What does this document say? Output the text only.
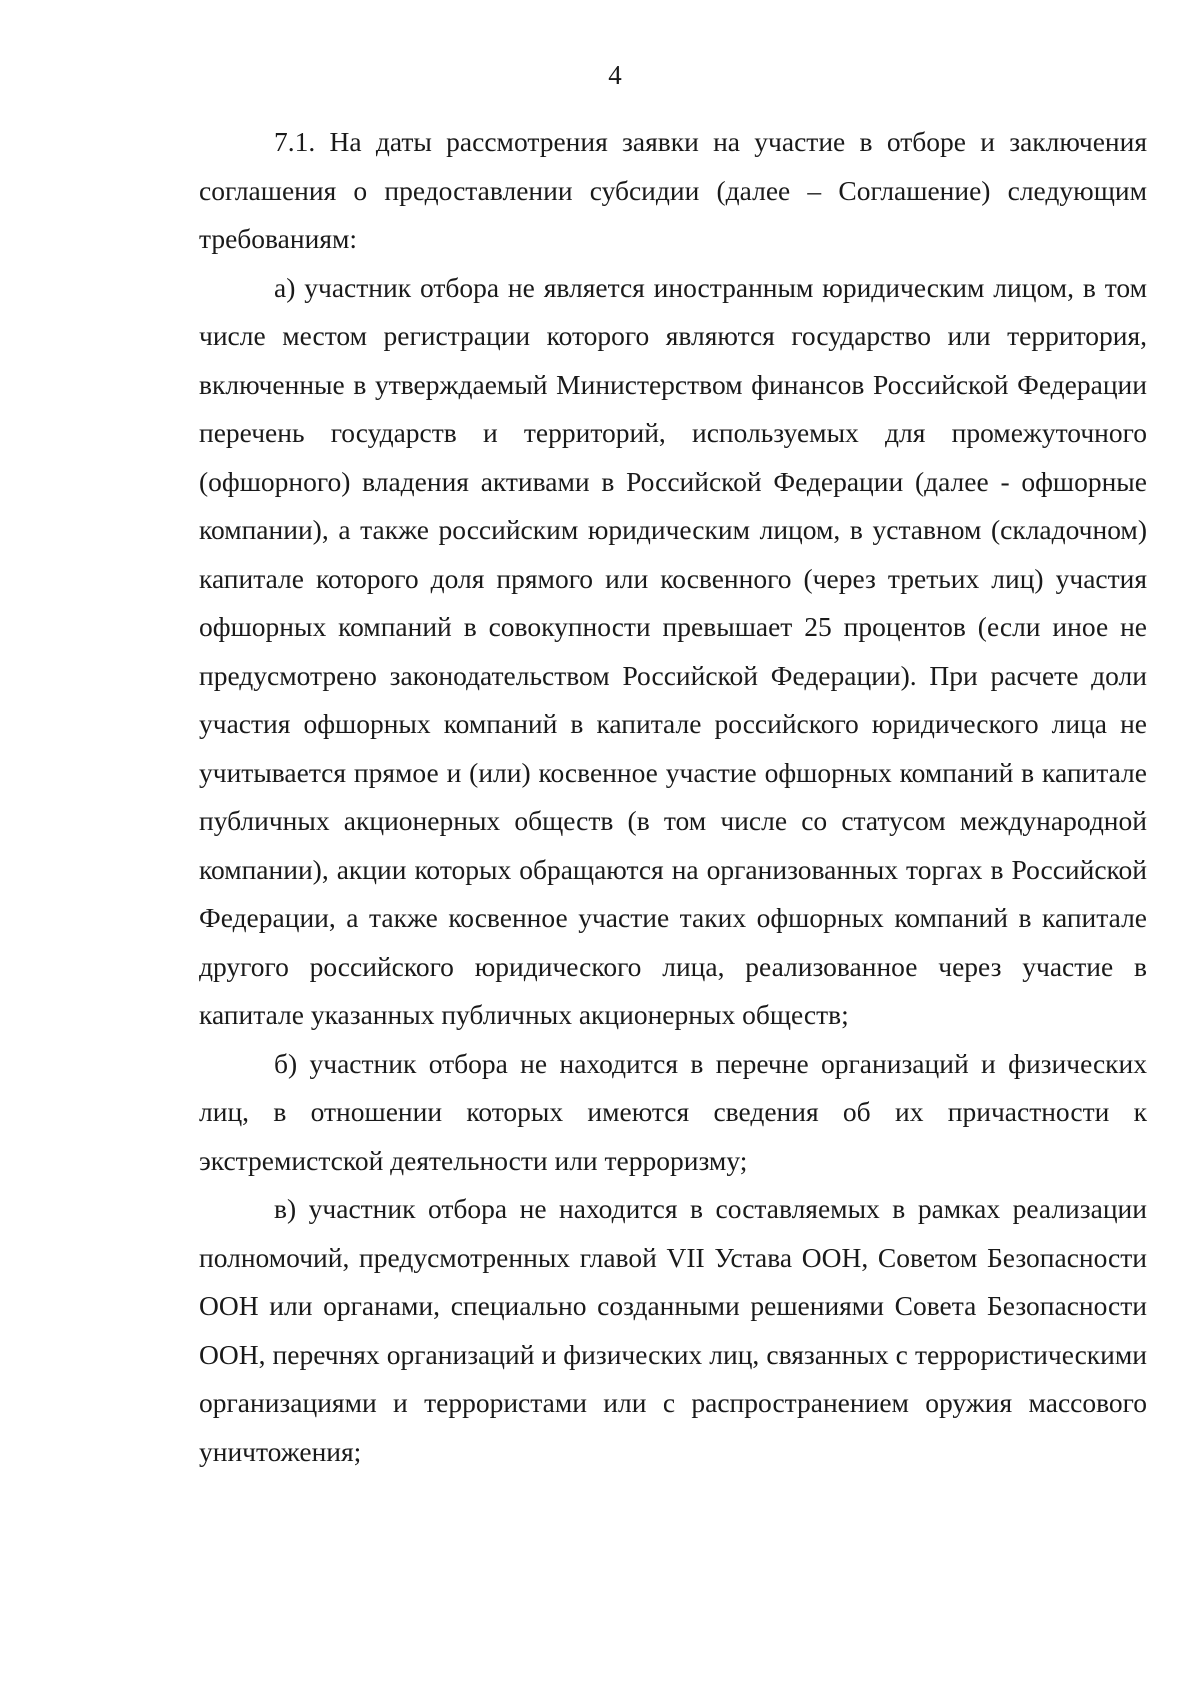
4

7.1. На даты рассмотрения заявки на участие в отборе и заключения соглашения о предоставлении субсидии (далее – Соглашение) следующим требованиям:

а) участник отбора не является иностранным юридическим лицом, в том числе местом регистрации которого являются государство или территория, включенные в утверждаемый Министерством финансов Российской Федерации перечень государств и территорий, используемых для промежуточного (офшорного) владения активами в Российской Федерации (далее - офшорные компании), а также российским юридическим лицом, в уставном (складочном) капитале которого доля прямого или косвенного (через третьих лиц) участия офшорных компаний в совокупности превышает 25 процентов (если иное не предусмотрено законодательством Российской Федерации). При расчете доли участия офшорных компаний в капитале российского юридического лица не учитывается прямое и (или) косвенное участие офшорных компаний в капитале публичных акционерных обществ (в том числе со статусом международной компании), акции которых обращаются на организованных торгах в Российской Федерации, а также косвенное участие таких офшорных компаний в капитале другого российского юридического лица, реализованное через участие в капитале указанных публичных акционерных обществ;

б) участник отбора не находится в перечне организаций и физических лиц, в отношении которых имеются сведения об их причастности к экстремистской деятельности или терроризму;

в) участник отбора не находится в составляемых в рамках реализации полномочий, предусмотренных главой VII Устава ООН, Советом Безопасности ООН или органами, специально созданными решениями Совета Безопасности ООН, перечнях организаций и физических лиц, связанных с террористическими организациями и террористами или с распространением оружия массового уничтожения;
